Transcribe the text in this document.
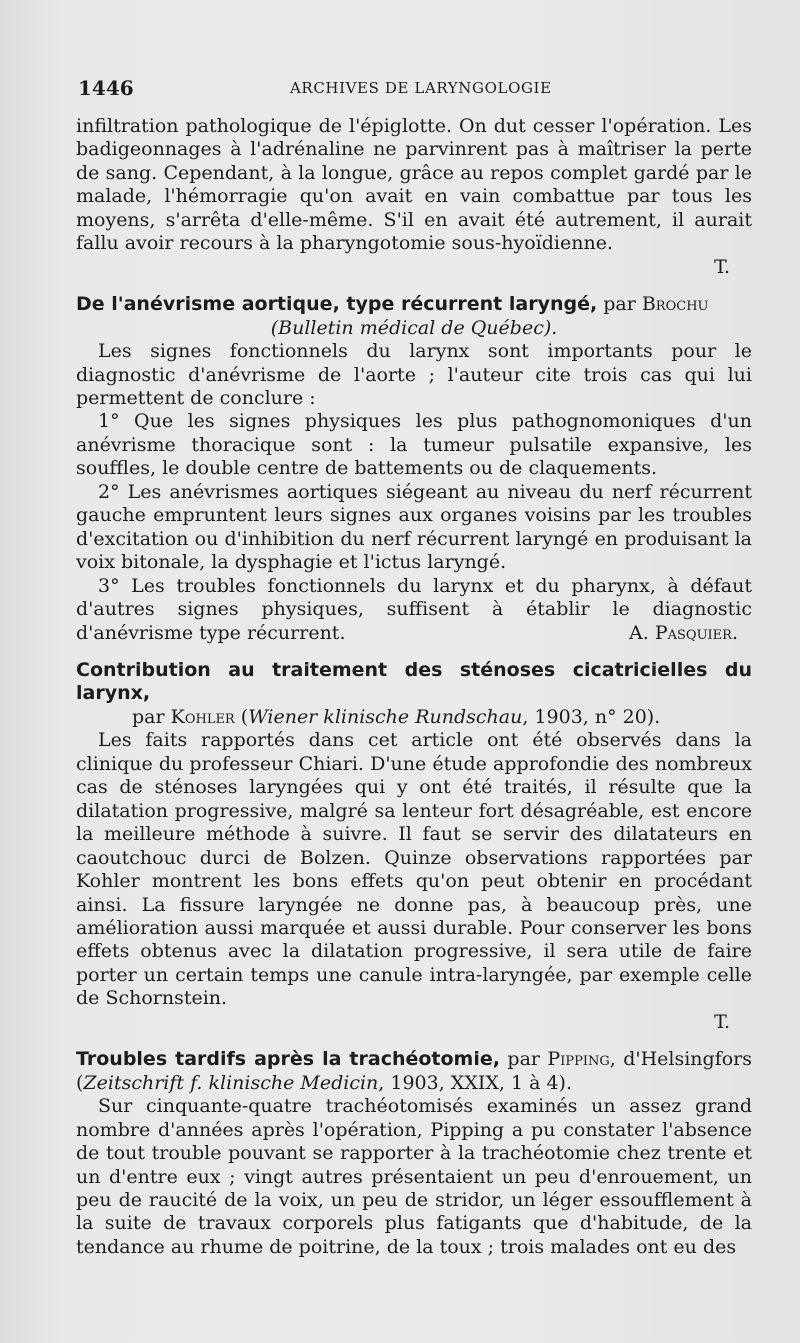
1446	ARCHIVES DE LARYNGOLOGIE

infiltration pathologique de l'épiglotte. On dut cesser l'opération. Les badigeonnages à l'adrénaline ne parvinrent pas à maîtriser la perte de sang. Cependant, à la longue, grâce au repos complet gardé par le malade, l'hémorragie qu'on avait en vain combattue par tous les moyens, s'arrêta d'elle-même. S'il en avait été autrement, il aurait fallu avoir recours à la pharyngotomie sous-hyoïdienne.

T.

De l'anévrisme aortique, type récurrent laryngé, par Brochu
(Bulletin médical de Québec).

Les signes fonctionnels du larynx sont importants pour le diagnostic d'anévrisme de l'aorte ; l'auteur cite trois cas qui lui permettent de conclure :

1° Que les signes physiques les plus pathognomoniques d'un anévrisme thoracique sont : la tumeur pulsatile expansive, les souffles, le double centre de battements ou de claquements.

2° Les anévrismes aortiques siégeant au niveau du nerf récurrent gauche empruntent leurs signes aux organes voisins par les troubles d'excitation ou d'inhibition du nerf récurrent laryngé en produisant la voix bitonale, la dysphagie et l'ictus laryngé.

3° Les troubles fonctionnels du larynx et du pharynx, à défaut d'autres signes physiques, suffisent à établir le diagnostic d'anévrisme type récurrent.	A. Pasquier.

Contribution au traitement des sténoses cicatricielles du larynx,
par Kohler (Wiener klinische Rundschau, 1903, n° 20).

Les faits rapportés dans cet article ont été observés dans la clinique du professeur Chiari. D'une étude approfondie des nombreux cas de sténoses laryngées qui y ont été traités, il résulte que la dilatation progressive, malgré sa lenteur fort désagréable, est encore la meilleure méthode à suivre. Il faut se servir des dilatateurs en caoutchouc durci de Bolzen. Quinze observations rapportées par Kohler montrent les bons effets qu'on peut obtenir en procédant ainsi. La fissure laryngée ne donne pas, à beaucoup près, une amélioration aussi marquée et aussi durable. Pour conserver les bons effets obtenus avec la dilatation progressive, il sera utile de faire porter un certain temps une canule intra-laryngée, par exemple celle de Schornstein.

T.

Troubles tardifs après la trachéotomie, par Pipping, d'Helsingfors (Zeitschrift f. klinische Medicin, 1903, XXIX, 1 à 4).

Sur cinquante-quatre trachéotomisés examinés un assez grand nombre d'années après l'opération, Pipping a pu constater l'absence de tout trouble pouvant se rapporter à la trachéotomie chez trente et un d'entre eux ; vingt autres présentaient un peu d'enrouement, un peu de raucité de la voix, un peu de stridor, un léger essoufflement à la suite de travaux corporels plus fatigants que d'habitude, de la tendance au rhume de poitrine, de la toux ; trois malades ont eu des
